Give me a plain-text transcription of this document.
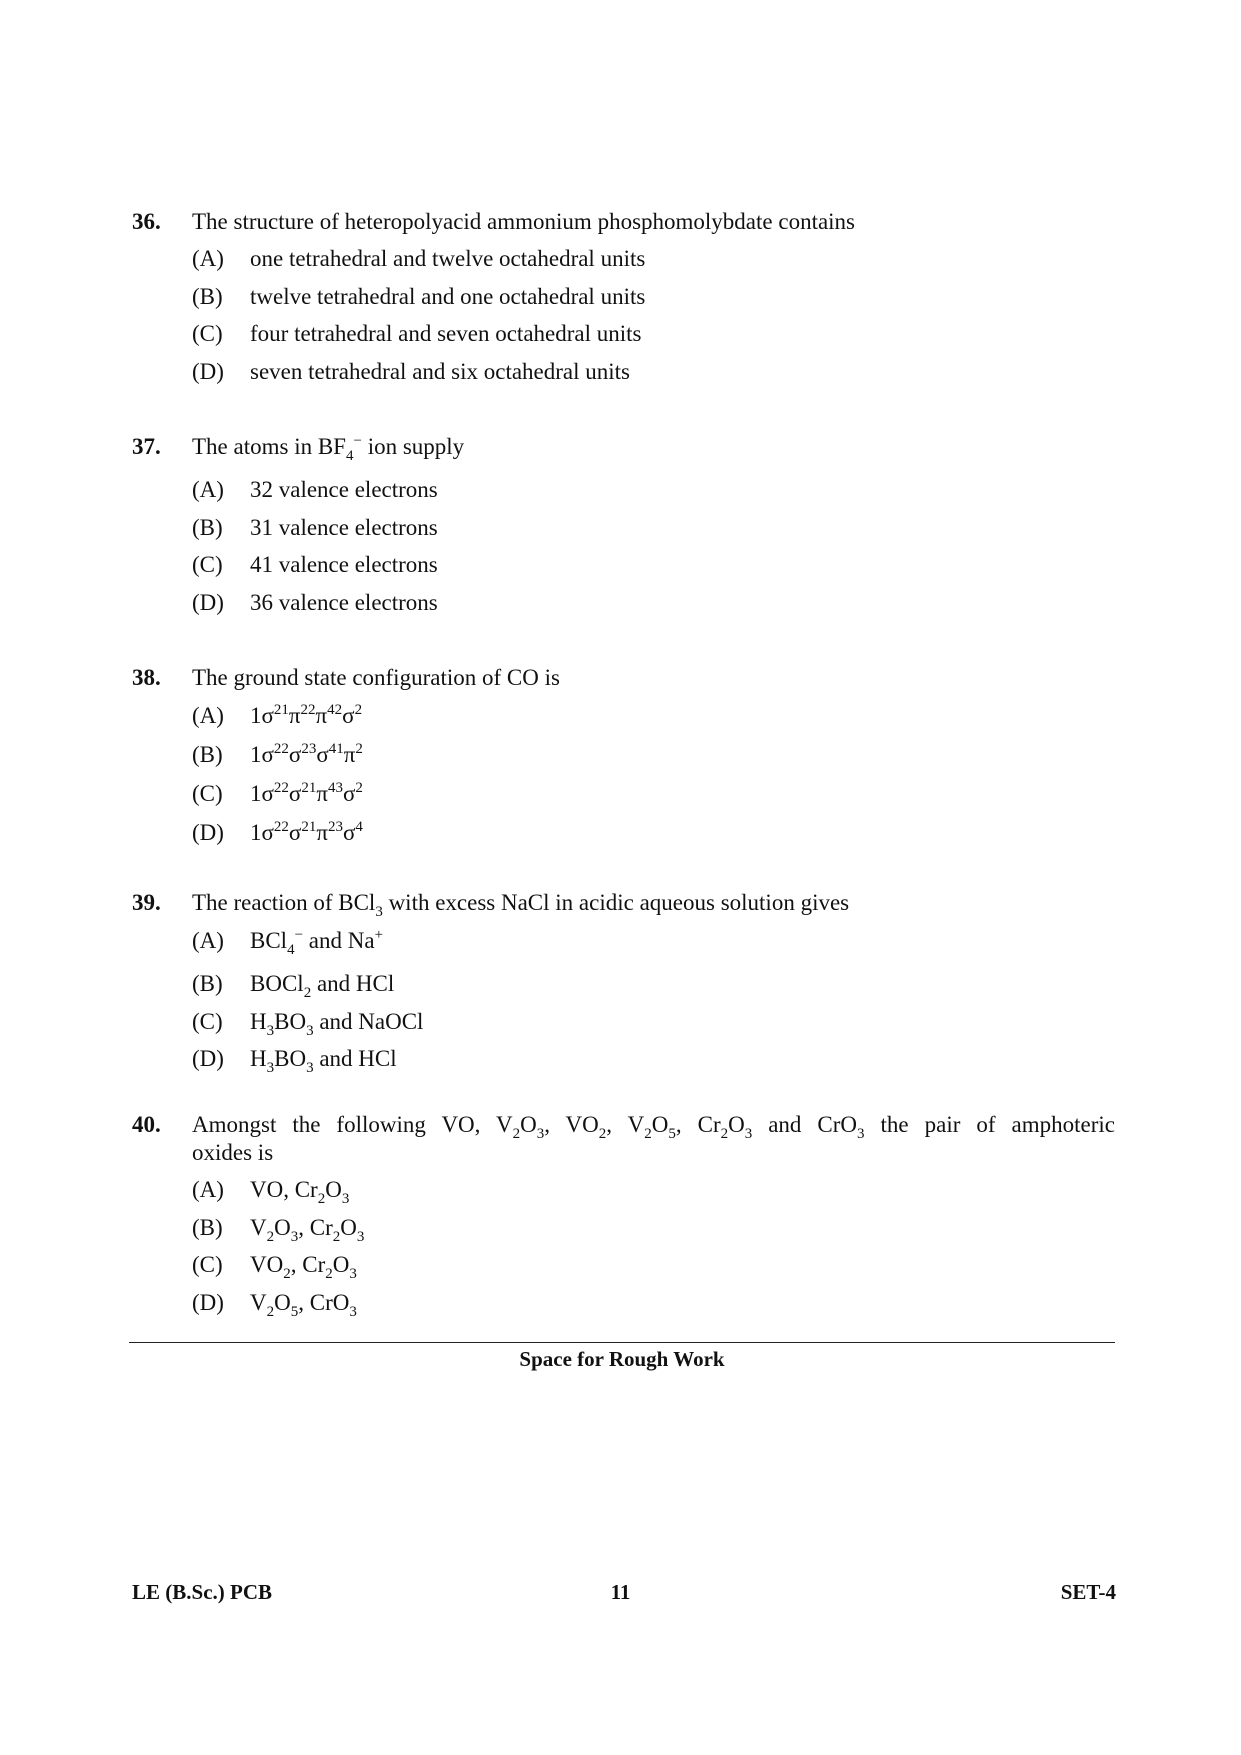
36. The structure of heteropolyacid ammonium phosphomolybdate contains
(A) one tetrahedral and twelve octahedral units
(B) twelve tetrahedral and one octahedral units
(C) four tetrahedral and seven octahedral units
(D) seven tetrahedral and six octahedral units
37. The atoms in $BF_4^-$ ion supply
(A) 32 valence electrons
(B) 31 valence electrons
(C) 41 valence electrons
(D) 36 valence electrons
38. The ground state configuration of CO is
(A) $1\sigma^{21}\pi^{22}\pi^{42}\sigma^2$
(B) $1\sigma^{22}\sigma^{23}\sigma^{41}\pi^2$
(C) $1\sigma^{22}\sigma^{21}\pi^{43}\sigma^2$
(D) $1\sigma^{22}\sigma^{21}\pi^{23}\sigma^4$
39. The reaction of BCl$_3$ with excess NaCl in acidic aqueous solution gives
(A) BCl$_4$− and Na+
(B) BOCl$_2$ and HCl
(C) $H_3BO_3$ and NaOCl
(D) $H_3BO_3$ and HCl
40. Amongst the following VO, $V_2O_3$, $VO_2$, $V_2O_5$, $Cr_2O_3$ and CrO$_3$ the pair of amphoteric
oxides is
(A) VO, $Cr_2O_3$
(B) $V_2O_3$, $Cr_2O_3$
(C) $VO_2$, $Cr_2O_3$
(D) $V_2O_5$, CrO$_3$
Space for Rough Work
LE (B.Sc.) PCB	11	SET-4
